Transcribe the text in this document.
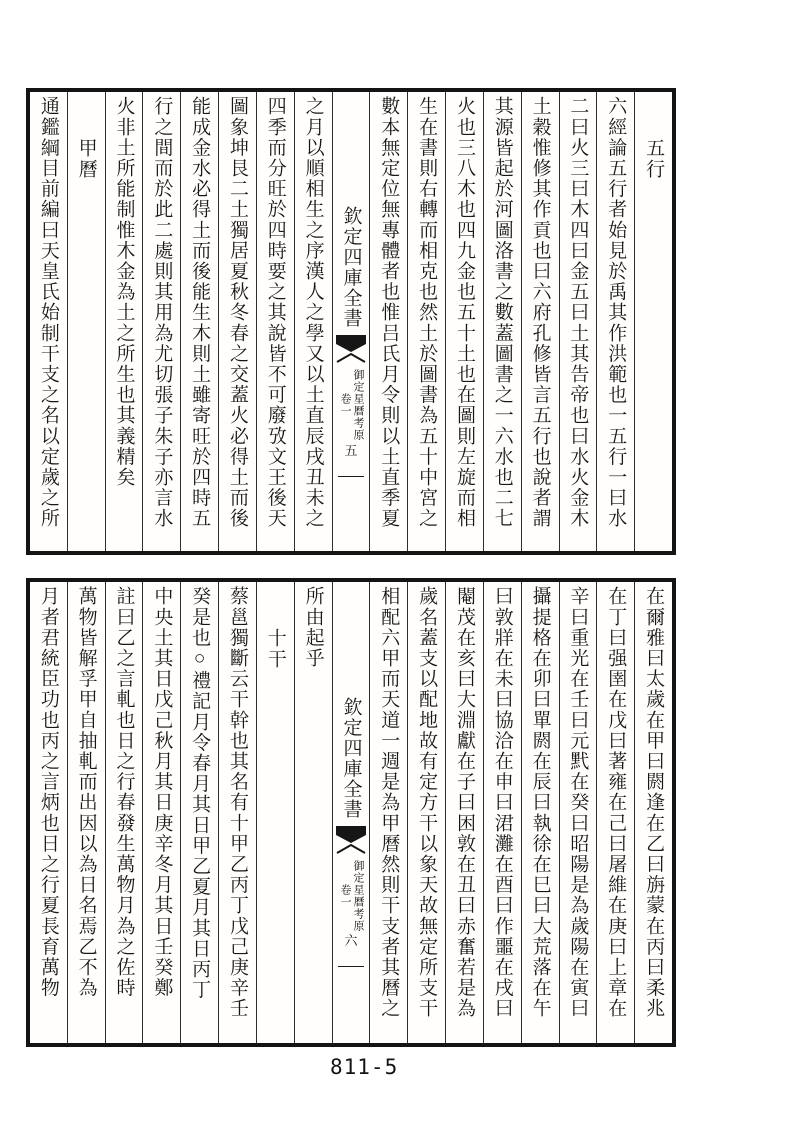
五行
六經論五行者始見於禹其作洪範也一五行一曰水
二曰火三曰木四曰金五曰土其告帝也曰水火金木
土穀惟修其作貢也曰六府孔修皆言五行也說者謂
其源皆起於河圖洛書之數蓋圖書之一六水也二七
火也三八木也四九金也五十土也在圖則左旋而相
生在書則右轉而相克也然土於圖書為五十中宮之
數本無定位無專體者也惟吕氏月令則以土直季夏
欽定四庫全書
御定星曆考原
卷一
五
之月以順相生之序漢人之學又以土直辰戌丑未之
四季而分旺於四時要之其說皆不可廢攷文王後天
圖象坤艮二土獨居夏秋冬春之交蓋火必得土而後
能成金水必得土而後能生木則土雖寄旺於四時五
行之間而於此二處則其用為尤切張子朱子亦言水
火非土所能制惟木金為土之所生也其義精矣
甲曆
通鑑綱目前編曰天皇氏始制干支之名以定歲之所
在爾雅曰太歲在甲曰閼逢在乙曰旃蒙在丙曰柔兆
在丁曰强圉在戊曰著雍在己曰屠維在庚曰上章在
辛曰重光在壬曰元黓在癸曰昭陽是為歲陽在寅曰
攝提格在卯曰單閼在辰曰執徐在巳曰大荒落在午
曰敦牂在未曰協洽在申曰涒灘在酉曰作噩在戌曰
閹茂在亥曰大淵獻在子曰困敦在丑曰赤奮若是為
歲名蓋支以配地故有定方干以象天故無定所支干
相配六甲而天道一週是為甲曆然則干支者其曆之
欽定四庫全書
御定星曆考原
卷一
六
所由起乎
十干
蔡邕獨斷云干幹也其名有十甲乙丙丁戊己庚辛壬
癸是也○禮記月令春月其日甲乙夏月其日丙丁
中央土其日戊己秋月其日庚辛冬月其日壬癸鄭
註曰乙之言軋也日之行春發生萬物月為之佐時
萬物皆解孚甲自抽軋而出因以為日名焉乙不為
月者君統臣功也丙之言炳也日之行夏長育萬物
811-5
